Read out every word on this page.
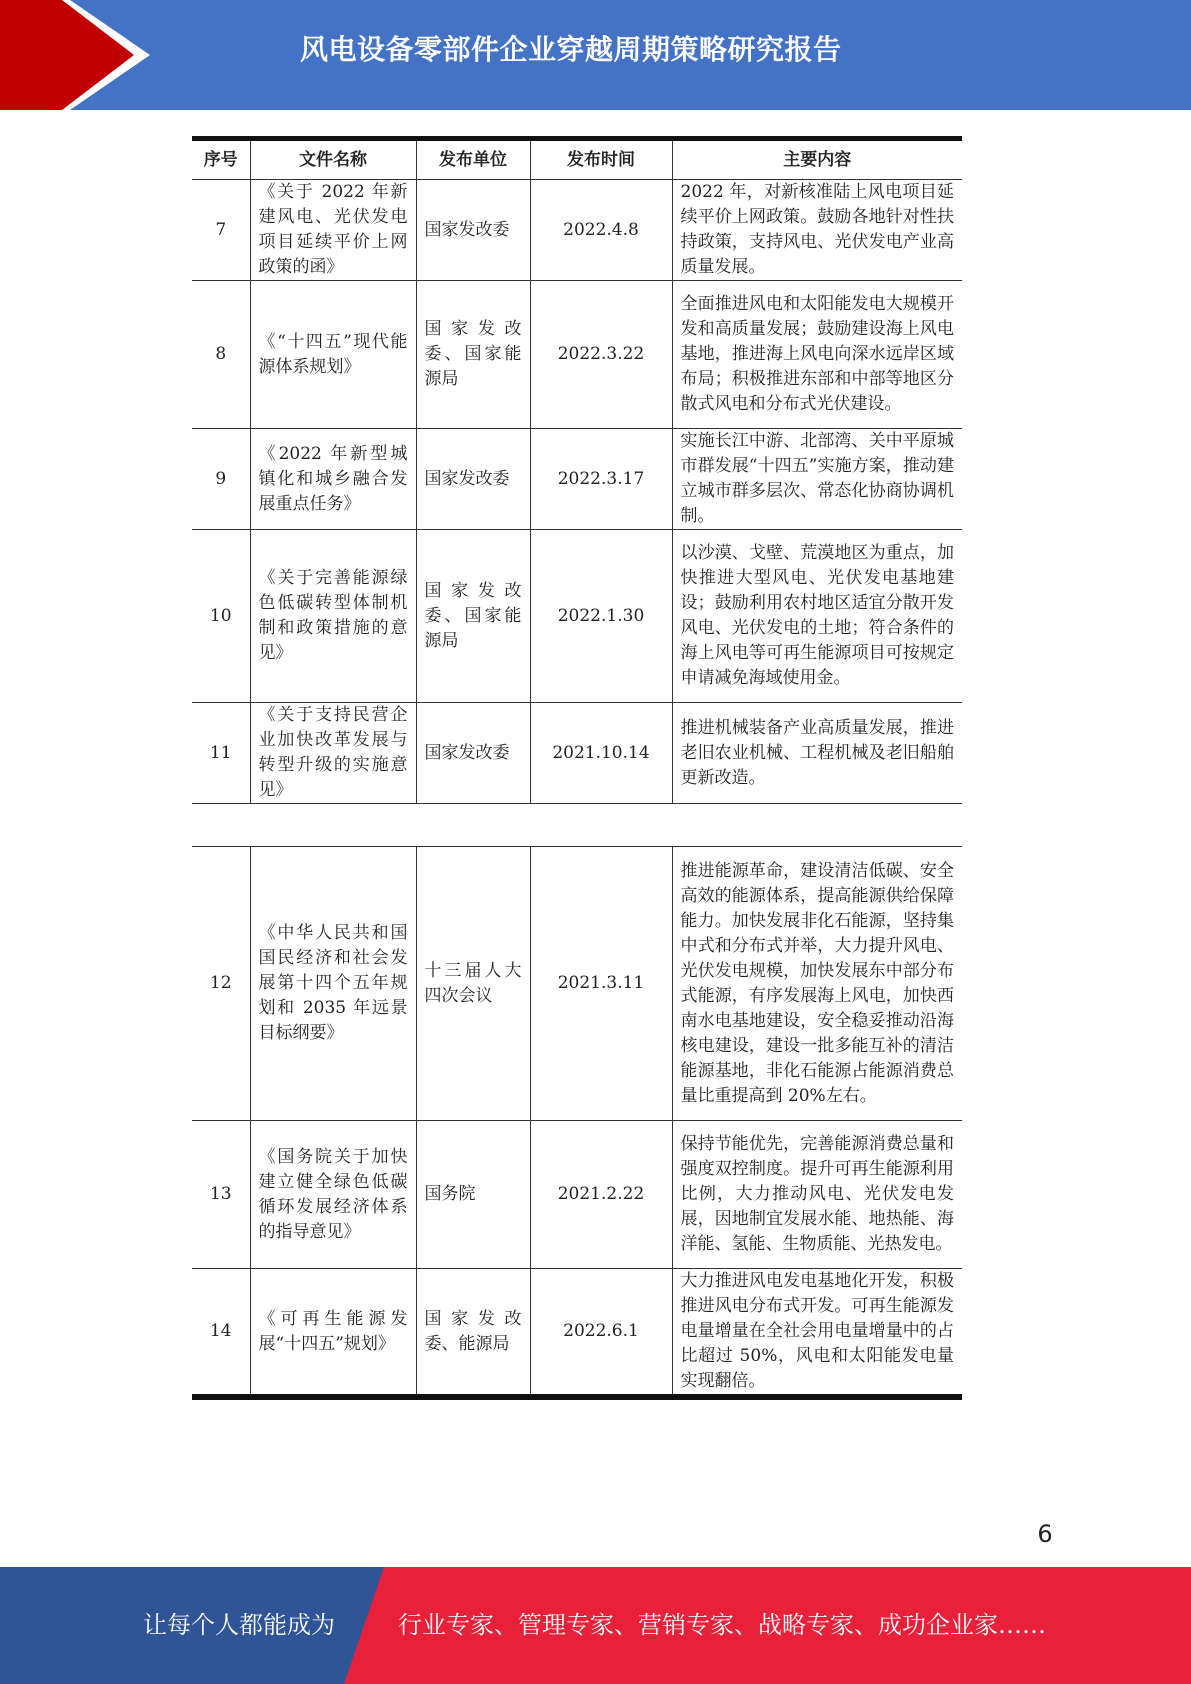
风电设备零部件企业穿越周期策略研究报告
序号	文件名称	发布单位	发布时间	主要内容
7	《关于 2022 年新建风电、光伏发电项目延续平价上网政策的函》	国家发改委	2022.4.8	2022 年，对新核准陆上风电项目延续平价上网政策。鼓励各地针对性扶持政策，支持风电、光伏发电产业高质量发展。
8	《“十四五”现代能源体系规划》	国家发改委、国家能源局	2022.3.22	全面推进风电和太阳能发电大规模开发和高质量发展；鼓励建设海上风电基地，推进海上风电向深水远岸区域布局；积极推进东部和中部等地区分散式风电和分布式光伏建设。
9	《2022 年新型城镇化和城乡融合发展重点任务》	国家发改委	2022.3.17	实施长江中游、北部湾、关中平原城市群发展“十四五”实施方案，推动建立城市群多层次、常态化协商协调机制。
10	《关于完善能源绿色低碳转型体制机制和政策措施的意见》	国家发改委、国家能源局	2022.1.30	以沙漠、戈壁、荒漠地区为重点，加快推进大型风电、光伏发电基地建设；鼓励利用农村地区适宜分散开发风电、光伏发电的土地；符合条件的海上风电等可再生能源项目可按规定申请减免海域使用金。
11	《关于支持民营企业加快改革发展与转型升级的实施意见》	国家发改委	2021.10.14	推进机械装备产业高质量发展，推进老旧农业机械、工程机械及老旧船舶更新改造。
12	《中华人民共和国国民经济和社会发展第十四个五年规划和 2035 年远景目标纲要》	十三届人大四次会议	2021.3.11	推进能源革命，建设清洁低碳、安全高效的能源体系，提高能源供给保障能力。加快发展非化石能源，坚持集中式和分布式并举，大力提升风电、光伏发电规模，加快发展东中部分布式能源，有序发展海上风电，加快西南水电基地建设，安全稳妥推动沿海核电建设，建设一批多能互补的清洁能源基地，非化石能源占能源消费总量比重提高到 20%左右。
13	《国务院关于加快建立健全绿色低碳循环发展经济体系的指导意见》	国务院	2021.2.22	保持节能优先，完善能源消费总量和强度双控制度。提升可再生能源利用比例，大力推动风电、光伏发电发展，因地制宜发展水能、地热能、海洋能、氢能、生物质能、光热发电。
14	《可再生能源发展“十四五”规划》	国家发改委、能源局	2022.6.1	大力推进风电发电基地化开发，积极推进风电分布式开发。可再生能源发电量增量在全社会用电量增量中的占比超过 50%，风电和太阳能发电量实现翻倍。
6
让每个人都能成为	行业专家、管理专家、营销专家、战略专家、成功企业家……
